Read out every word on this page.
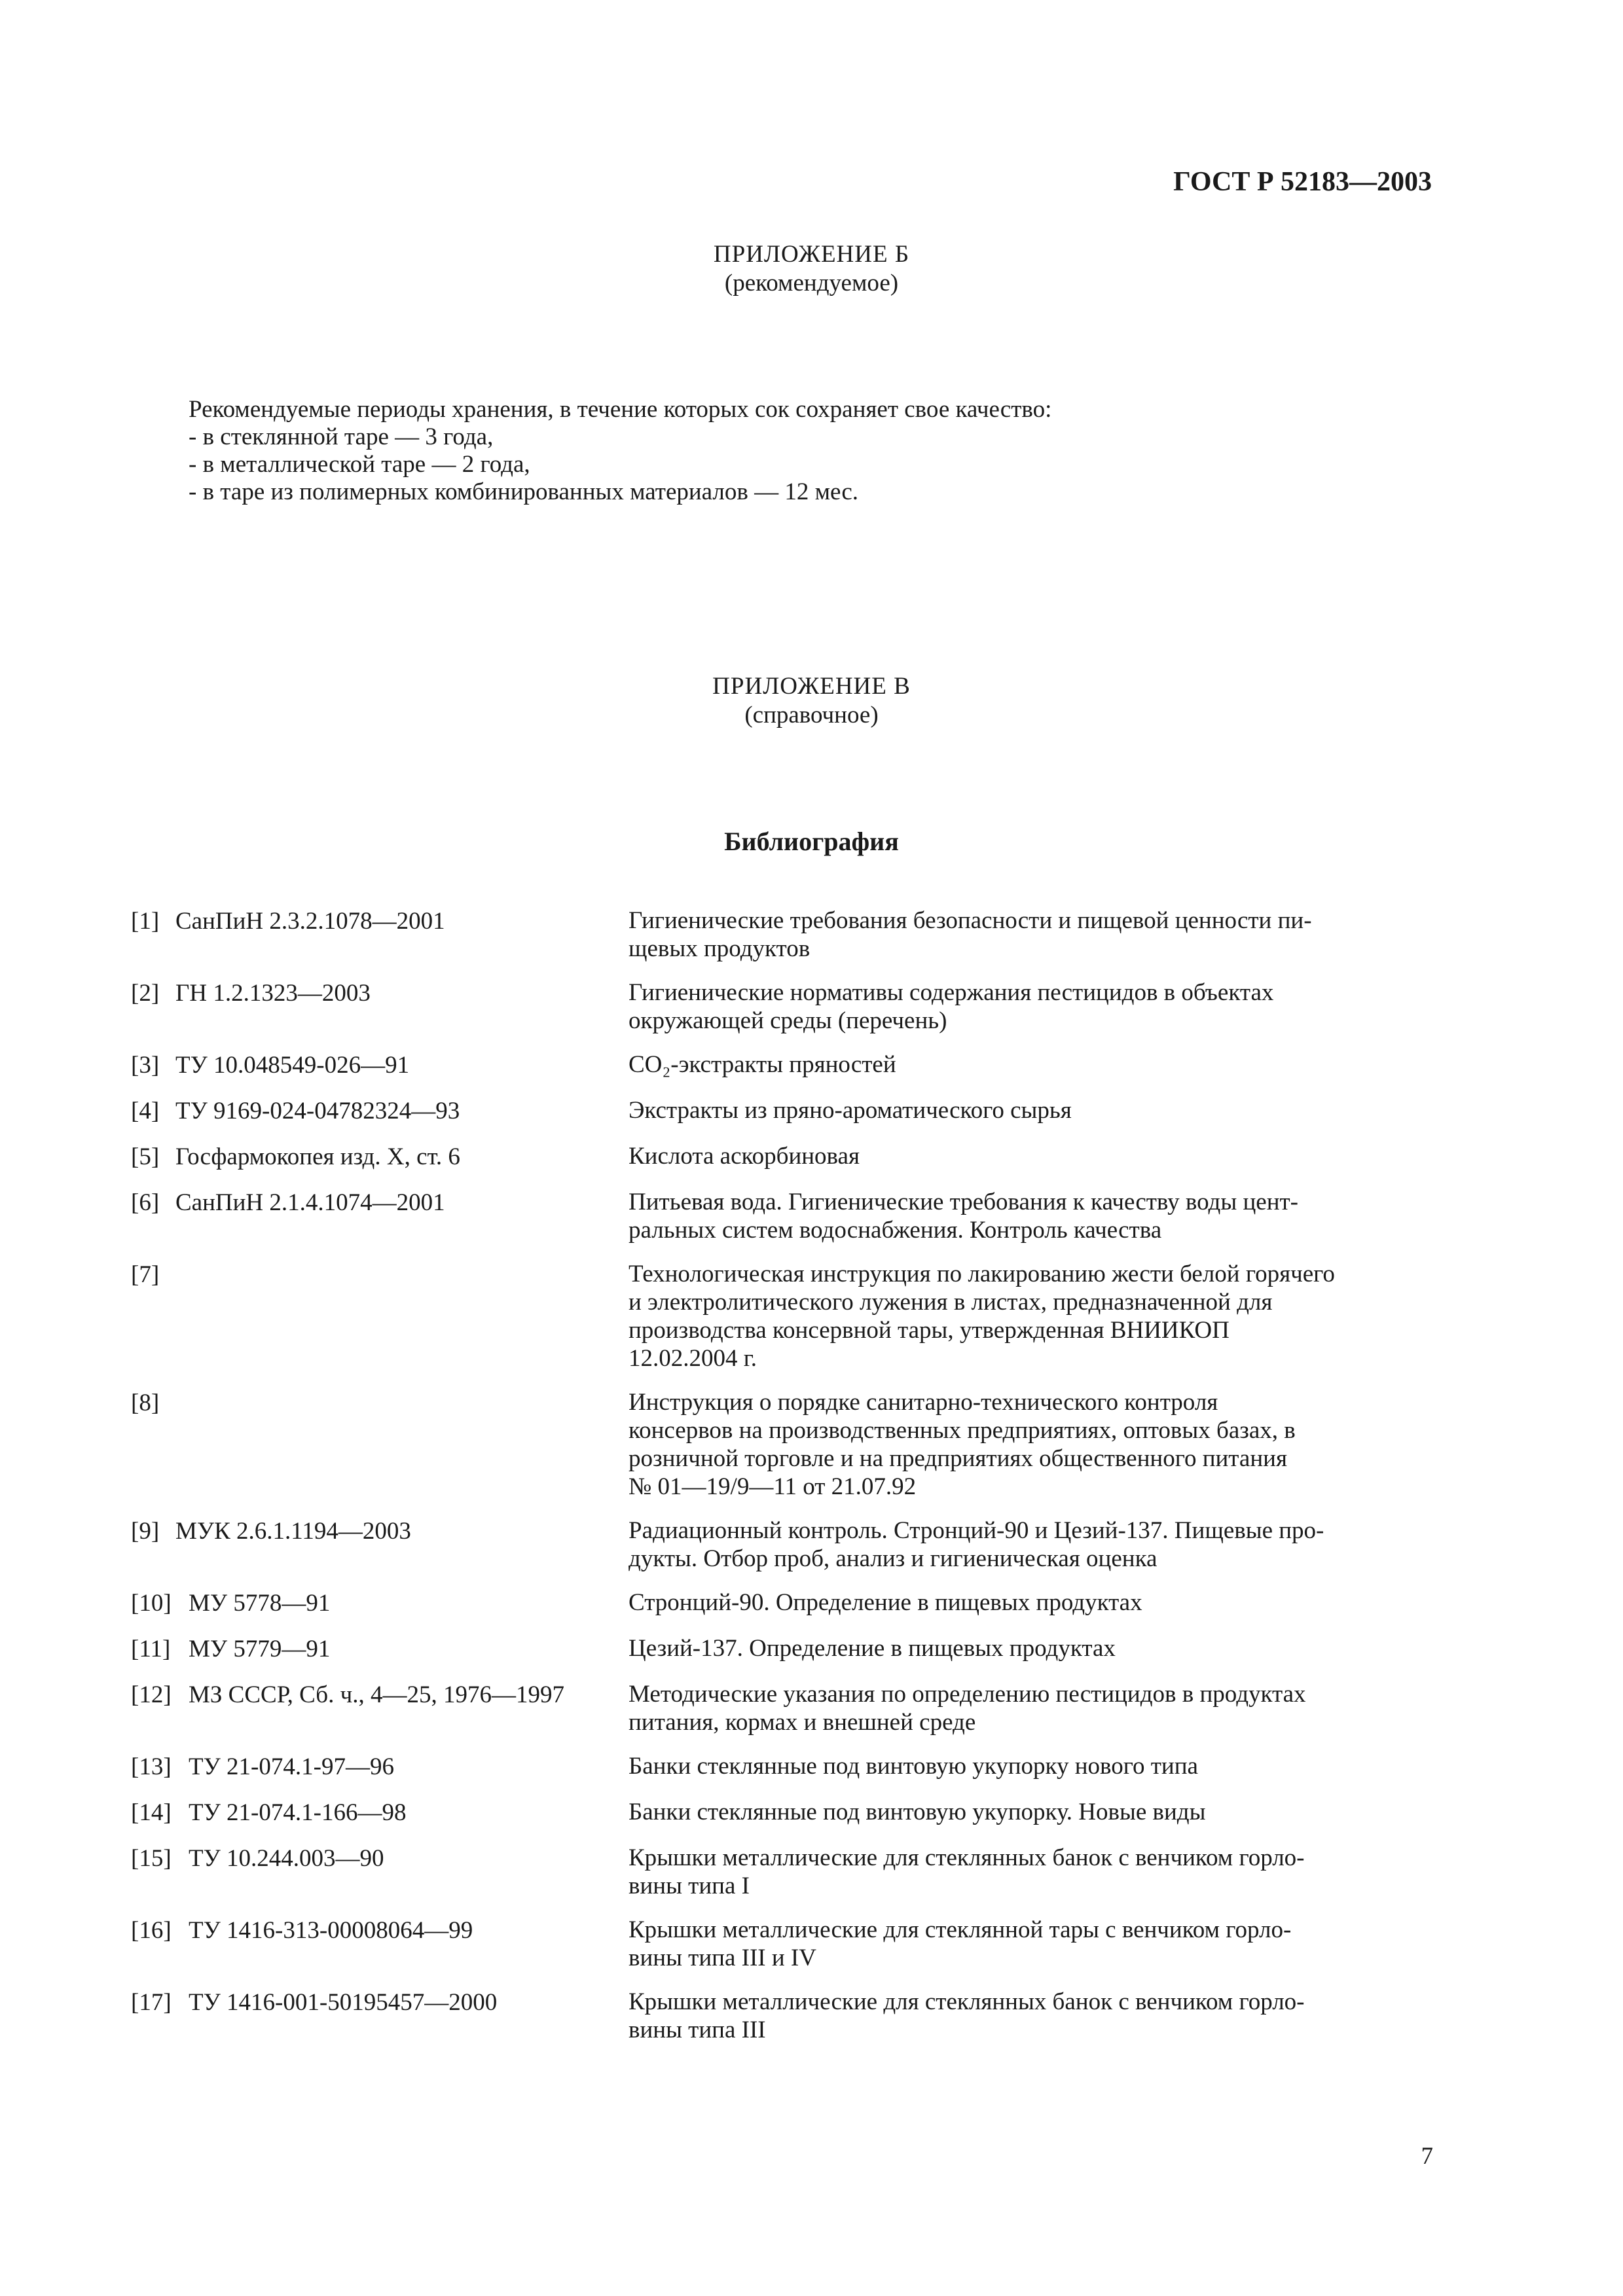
ГОСТ Р 52183—2003
ПРИЛОЖЕНИЕ Б
(рекомендуемое)

Рекомендуемые периоды хранения, в течение которых сок сохраняет свое качество:

- в стеклянной таре — 3 года,

- в металлической таре — 2 года,

- в таре из полимерных комбинированных материалов — 12 мес.

ПРИЛОЖЕНИЕ В
(справочное)
Библиография
[1] СанПиН 2.3.2.1078—2001	Гигиенические требования безопасности и пищевой ценности пи-
щевых продуктов
[2] ГН 1.2.1323—2003	Гигиенические нормативы содержания пестицидов в объектах
окружающей среды (перечень)
[3] ТУ 10.048549-026—91	СО₂-экстракты пряностей
[4] ТУ 9169-024-04782324—93	Экстракты из пряно-ароматического сырья
[5] Госфармокопея изд. X, ст. 6	Кислота аскорбиновая
[6] СанПиН 2.1.4.1074—2001	Питьевая вода. Гигиенические требования к качеству воды цент-
ральных систем водоснабжения. Контроль качества
[7]	Технологическая инструкция по лакированию жести белой горячего
и электролитического лужения в листах, предназначенной для
производства консервной тары, утвержденная ВНИИКОП
12.02.2004 г.
[8]	Инструкция о порядке санитарно-технического контроля
консервов на производственных предприятиях, оптовых базах, в
розничной торговле и на предприятиях общественного питания
№ 01—19/9—11 от 21.07.92
[9] МУК 2.6.1.1194—2003	Радиационный контроль. Стронций-90 и Цезий-137. Пищевые про-
дукты. Отбор проб, анализ и гигиеническая оценка
[10] МУ 5778—91	Стронций-90. Определение в пищевых продуктах
[11] МУ 5779—91	Цезий-137. Определение в пищевых продуктах
[12] МЗ СССР, Сб. ч., 4—25, 1976—1997	Методические указания по определению пестицидов в продуктах
питания, кормах и внешней среде
[13] ТУ 21-074.1-97—96	Банки стеклянные под винтовую укупорку нового типа
[14] ТУ 21-074.1-166—98	Банки стеклянные под винтовую укупорку. Новые виды
[15] ТУ 10.244.003—90	Крышки металлические для стеклянных банок с венчиком горло-
вины типа I
[16] ТУ 1416-313-00008064—99	Крышки металлические для стеклянной тары с венчиком горло-
вины типа III и IV
[17] ТУ 1416-001-50195457—2000	Крышки металлические для стеклянных банок с венчиком горло-
вины типа III
7
